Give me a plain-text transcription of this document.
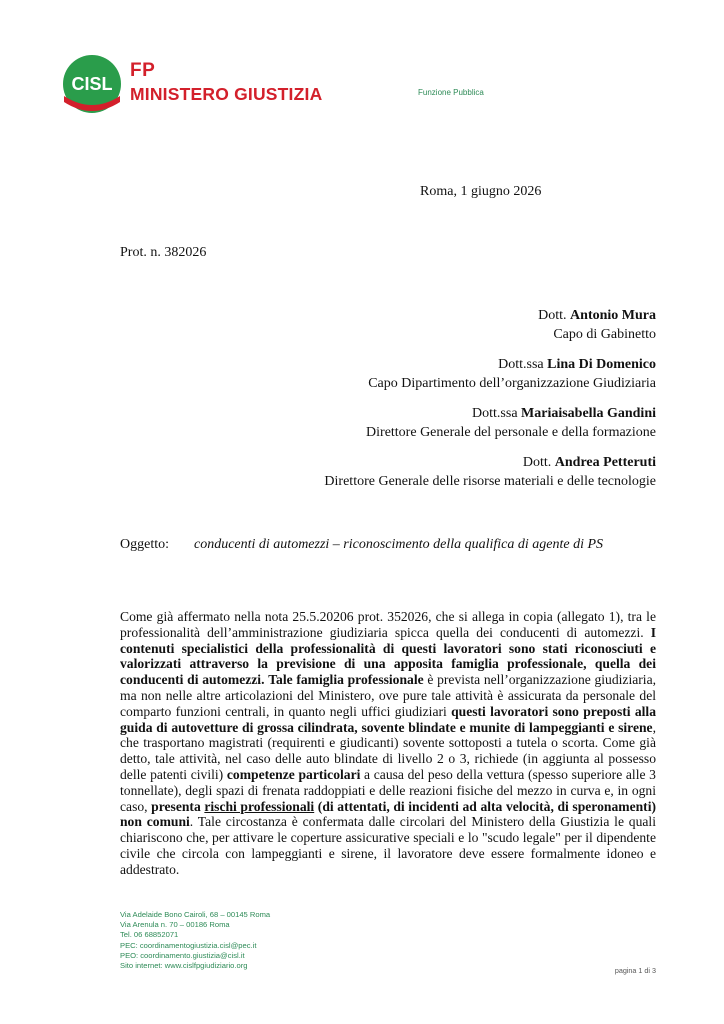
CISL
FP
MINISTERO GIUSTIZIA	Funzione Pubblica
Roma, 1 giugno 2026
Prot. n. 382026
Dott. Antonio Mura
Capo di Gabinetto
Dott.ssa Lina Di Domenico
Capo Dipartimento dell’organizzazione Giudiziaria
Dott.ssa Mariaisabella Gandini
Direttore Generale del personale e della formazione
Dott. Andrea Petteruti
Direttore Generale delle risorse materiali e delle tecnologie
Oggetto: conducenti di automezzi – riconoscimento della qualifica di agente di PS
Come già affermato nella nota 25.5.20206 prot. 352026, che si allega in copia (allegato 1), tra le professionalità dell’amministrazione giudiziaria spicca quella dei conducenti di automezzi. I contenuti specialistici della professionalità di questi lavoratori sono stati riconosciuti e valorizzati attraverso la previsione di una apposita famiglia professionale, quella dei conducenti di automezzi. Tale famiglia professionale è prevista nell’organizzazione giudiziaria, ma non nelle altre articolazioni del Ministero, ove pure tale attività è assicurata da personale del comparto funzioni centrali, in quanto negli uffici giudiziari questi lavoratori sono preposti alla guida di autovetture di grossa cilindrata, sovente blindate e munite di lampeggianti e sirene, che trasportano magistrati (requirenti e giudicanti) sovente sottoposti a tutela o scorta. Come già detto, tale attività, nel caso delle auto blindate di livello 2 o 3, richiede (in aggiunta al possesso delle patenti civili) competenze particolari a causa del peso della vettura (spesso superiore alle 3 tonnellate), degli spazi di frenata raddoppiati e delle reazioni fisiche del mezzo in curva e, in ogni caso, presenta rischi professionali (di attentati, di incidenti ad alta velocità, di speronamenti) non comuni. Tale circostanza è confermata dalle circolari del Ministero della Giustizia le quali chiariscono che, per attivare le coperture assicurative speciali e lo "scudo legale" per il dipendente civile che circola con lampeggianti e sirene, il lavoratore deve essere formalmente idoneo e addestrato.
Via Adelaide Bono Cairoli, 68 – 00145 Roma
Via Arenula n. 70 – 00186 Roma
Tel. 06 68852071
PEC: coordinamentogiustizia.cisl@pec.it
PEO: coordinamento.giustizia@cisl.it
Sito internet: www.cislfpgiudiziario.org
pagina 1 di 3
